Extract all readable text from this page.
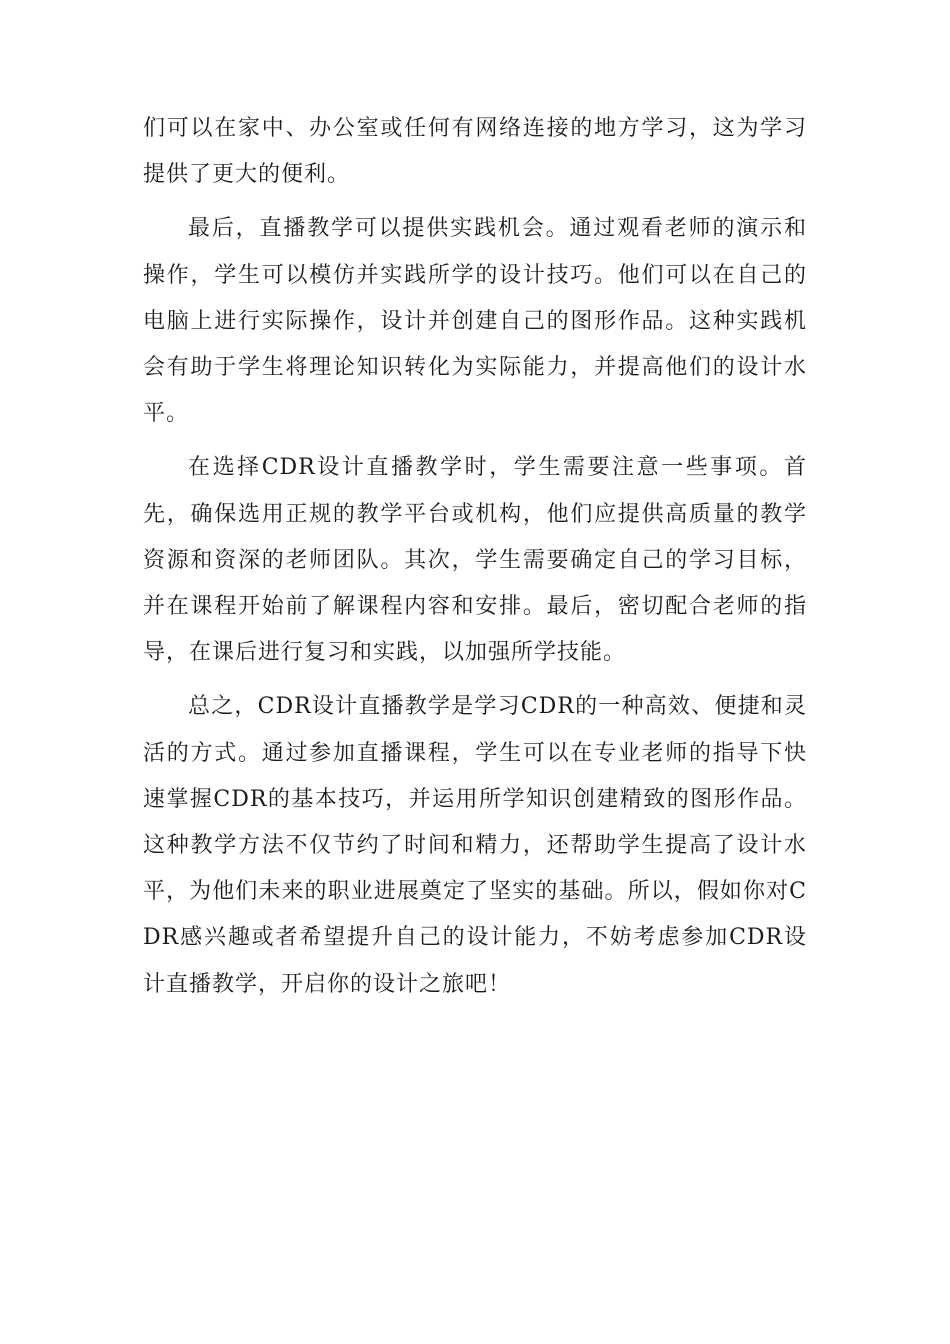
们可以在家中、办公室或任何有网络连接的地方学习，这为学习提供了更大的便利。

最后，直播教学可以提供实践机会。通过观看老师的演示和操作，学生可以模仿并实践所学的设计技巧。他们可以在自己的电脑上进行实际操作，设计并创建自己的图形作品。这种实践机会有助于学生将理论知识转化为实际能力，并提高他们的设计水平。

在选择CDR设计直播教学时，学生需要注意一些事项。首先，确保选用正规的教学平台或机构，他们应提供高质量的教学资源和资深的老师团队。其次，学生需要确定自己的学习目标，并在课程开始前了解课程内容和安排。最后，密切配合老师的指导，在课后进行复习和实践，以加强所学技能。

总之，CDR设计直播教学是学习CDR的一种高效、便捷和灵活的方式。通过参加直播课程，学生可以在专业老师的指导下快速掌握CDR的基本技巧，并运用所学知识创建精致的图形作品。这种教学方法不仅节约了时间和精力，还帮助学生提高了设计水平，为他们未来的职业进展奠定了坚实的基础。所以，假如你对CDR感兴趣或者希望提升自己的设计能力，不妨考虑参加CDR设计直播教学，开启你的设计之旅吧！
